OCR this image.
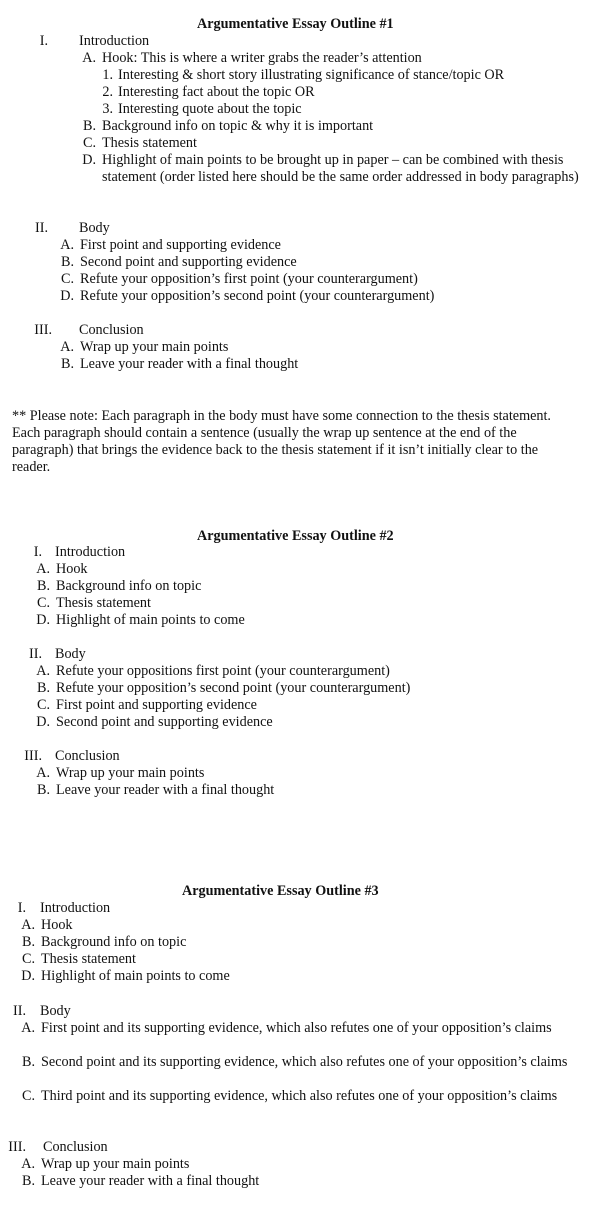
Argumentative Essay Outline #1
I. Introduction
A. Hook: This is where a writer grabs the reader’s attention
1. Interesting & short story illustrating significance of stance/topic OR
2. Interesting fact about the topic OR
3. Interesting quote about the topic
B. Background info on topic & why it is important
C. Thesis statement
D. Highlight of main points to be brought up in paper – can be combined with thesis statement (order listed here should be the same order addressed in body paragraphs)
II. Body
A. First point and supporting evidence
B. Second point and supporting evidence
C. Refute your opposition’s first point (your counterargument)
D. Refute your opposition’s second point (your counterargument)
III. Conclusion
A. Wrap up your main points
B. Leave your reader with a final thought
** Please note: Each paragraph in the body must have some connection to the thesis statement. Each paragraph should contain a sentence (usually the wrap up sentence at the end of the paragraph) that brings the evidence back to the thesis statement if it isn’t initially clear to the reader.
Argumentative Essay Outline #2
I. Introduction
A. Hook
B. Background info on topic
C. Thesis statement
D. Highlight of main points to come
II. Body
A. Refute your oppositions first point (your counterargument)
B. Refute your opposition’s second point (your counterargument)
C. First point and supporting evidence
D. Second point and supporting evidence
III. Conclusion
A. Wrap up your main points
B. Leave your reader with a final thought
Argumentative Essay Outline #3
I. Introduction
A. Hook
B. Background info on topic
C. Thesis statement
D. Highlight of main points to come
II. Body
A. First point and its supporting evidence, which also refutes one of your opposition’s claims
B. Second point and its supporting evidence, which also refutes one of your opposition’s claims
C. Third point and its supporting evidence, which also refutes one of your opposition’s claims
III. Conclusion
A. Wrap up your main points
B. Leave your reader with a final thought
